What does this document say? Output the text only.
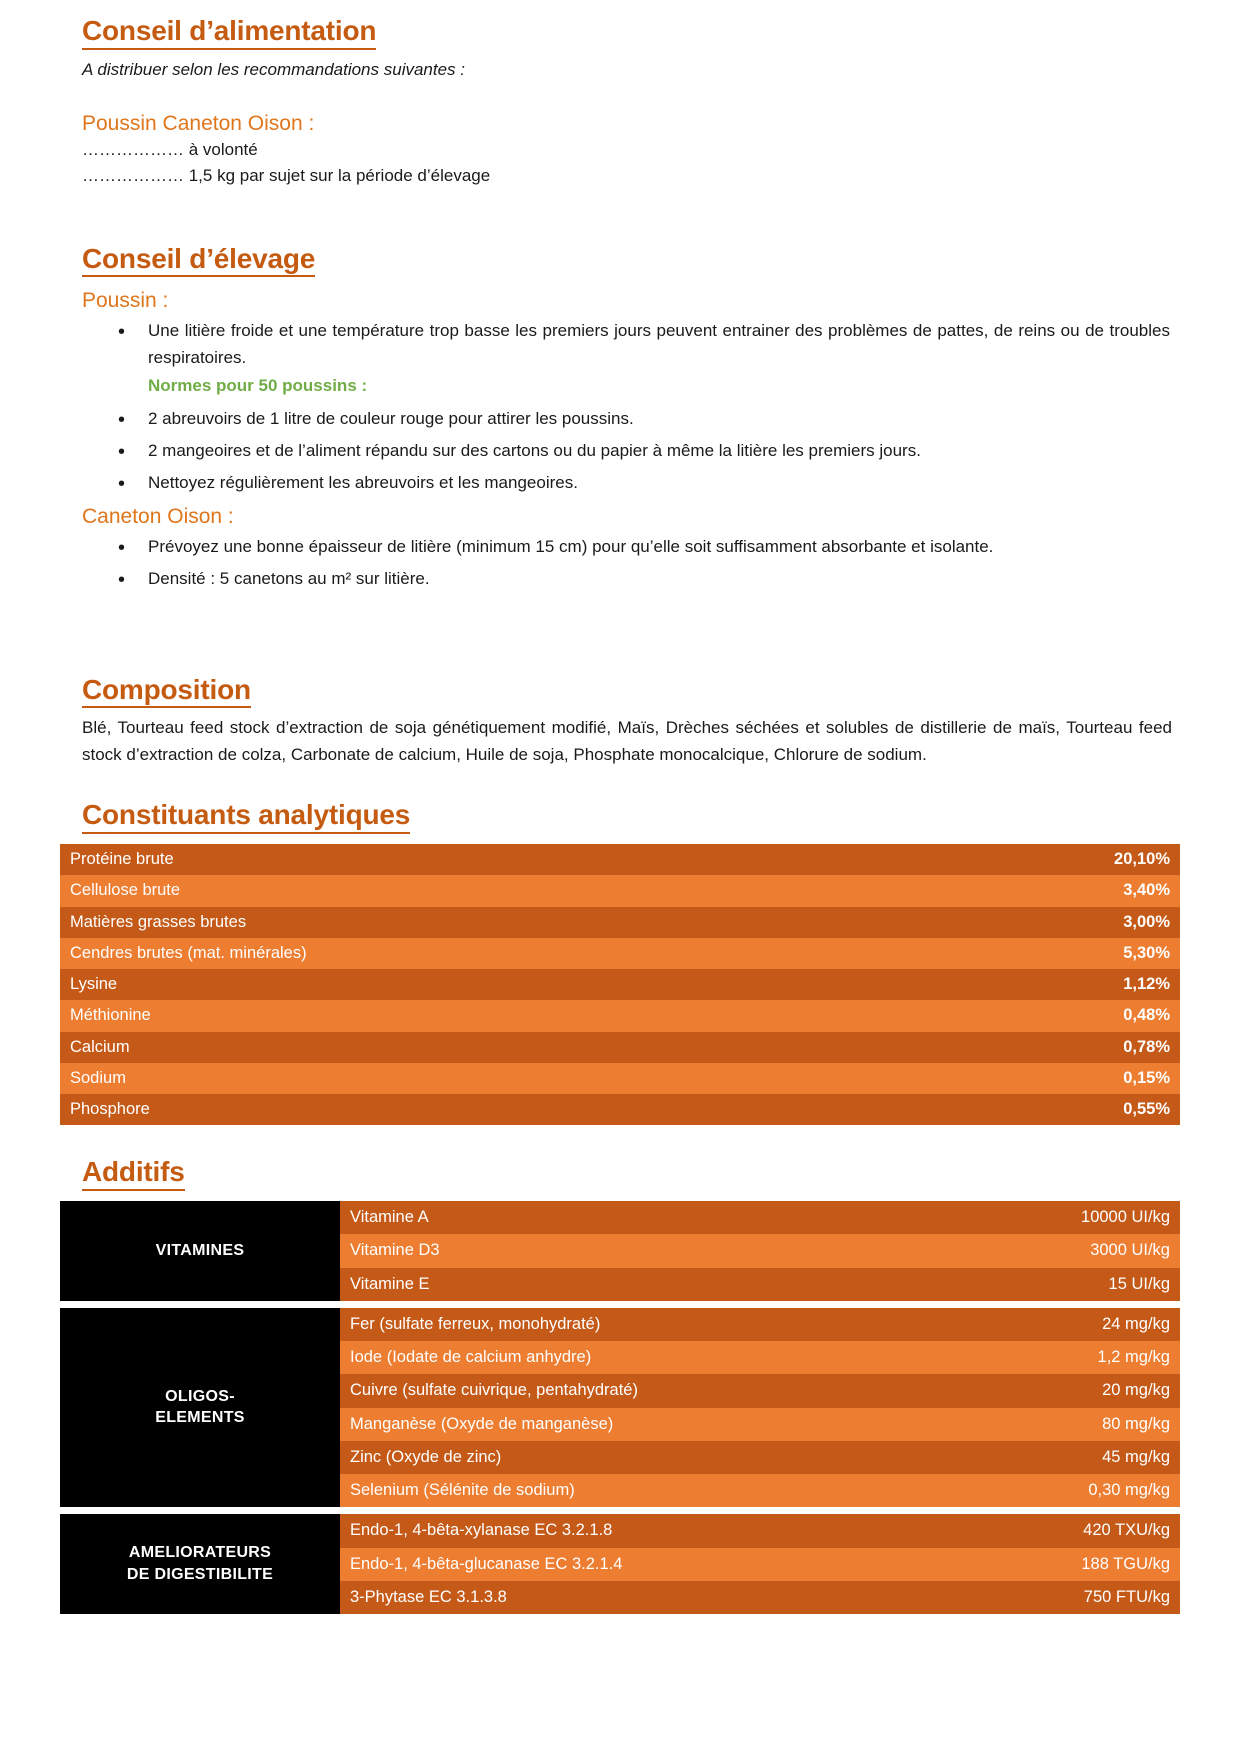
Conseil d’alimentation
A distribuer selon les recommandations suivantes :
Poussin Caneton Oison :
……………… à volonté
……………… 1,5 kg par sujet sur la période d’élevage
Conseil d’élevage
Poussin :
• Une litière froide et une température trop basse les premiers jours peuvent entrainer des problèmes de pattes, de reins ou de troubles respiratoires.
Normes pour 50 poussins :
• 2 abreuvoirs de 1 litre de couleur rouge pour attirer les poussins.
• 2 mangeoires et de l’aliment répandu sur des cartons ou du papier à même la litière les premiers jours.
• Nettoyez régulièrement les abreuvoirs et les mangeoires.
Caneton Oison :
• Prévoyez une bonne épaisseur de litière (minimum 15 cm) pour qu’elle soit suffisamment absorbante et isolante.
• Densité : 5 canetons au m² sur litière.
Composition
Blé, Tourteau feed stock d’extraction de soja génétiquement modifié, Maïs, Drèches séchées et solubles de distillerie de maïs, Tourteau feed stock d’extraction de colza, Carbonate de calcium, Huile de soja, Phosphate monocalcique, Chlorure de sodium.
Constituants analytiques
Protéine brute	20,10%
Cellulose brute	3,40%
Matières grasses brutes	3,00%
Cendres brutes (mat. minérales)	5,30%
Lysine	1,12%
Méthionine	0,48%
Calcium	0,78%
Sodium	0,15%
Phosphore	0,55%
Additifs
VITAMINES	Vitamine A	10000 UI/kg
	Vitamine D3	3000 UI/kg
	Vitamine E	15 UI/kg

OLIGOS-
ELEMENTS	Fer (sulfate ferreux, monohydraté)	24 mg/kg
	Iode (Iodate de calcium anhydre)	1,2 mg/kg
	Cuivre (sulfate cuivrique, pentahydraté)	20 mg/kg
	Manganèse (Oxyde de manganèse)	80 mg/kg
	Zinc (Oxyde de zinc)	45 mg/kg
	Selenium (Sélénite de sodium)	0,30 mg/kg

AMELIORATEURS
DE DIGESTIBILITE	Endo-1, 4-bêta-xylanase EC 3.2.1.8	420 TXU/kg
	Endo-1, 4-bêta-glucanase EC 3.2.1.4	188 TGU/kg
	3-Phytase EC 3.1.3.8	750 FTU/kg
